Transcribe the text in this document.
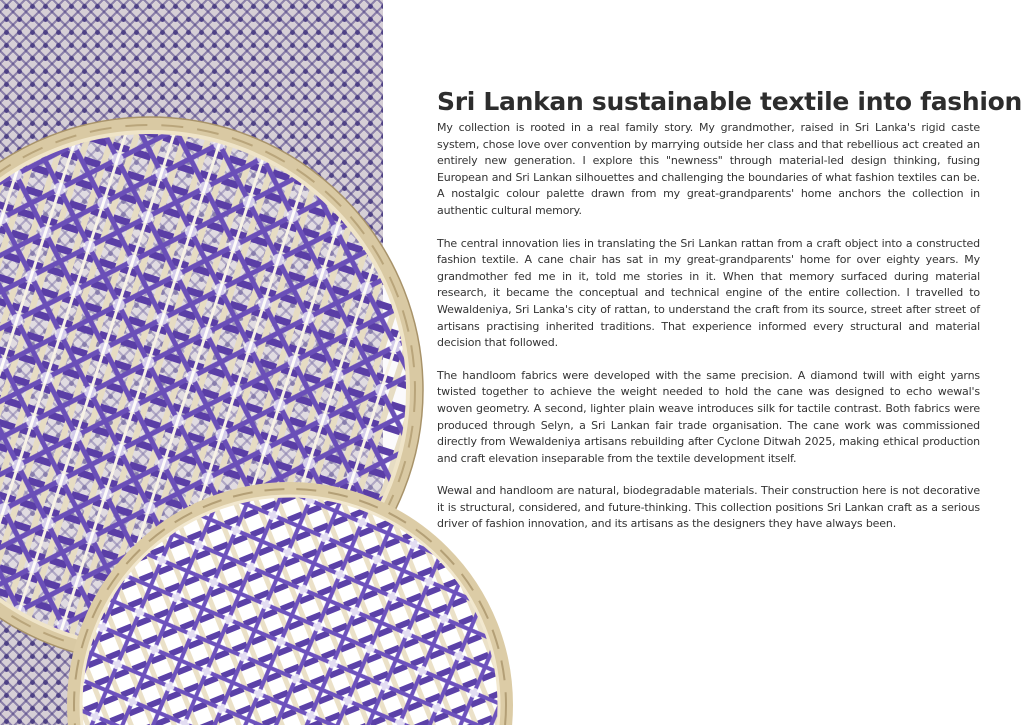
Sri Lankan sustainable textile into fashion

My collection is rooted in a real family story. My grandmother, raised in Sri Lanka's rigid caste system, chose love over convention by marrying outside her class and that rebellious act created an entirely new generation. I explore this "newness" through material-led design thinking, fusing European and Sri Lankan silhouettes and challenging the boundaries of what fashion textiles can be. A nostalgic colour palette drawn from my great-grandparents' home anchors the collection in authentic cultural memory.

The central innovation lies in translating the Sri Lankan rattan from a craft object into a constructed fashion textile. A cane chair has sat in my great-grandparents' home for over eighty years. My grandmother fed me in it, told me stories in it. When that memory surfaced during material research, it became the conceptual and technical engine of the entire collection. I travelled to Wewaldeniya, Sri Lanka's city of rattan, to understand the craft from its source, street after street of artisans practising inherited traditions. That experience informed every structural and material decision that followed.

The handloom fabrics were developed with the same precision. A diamond twill with eight yarns twisted together to achieve the weight needed to hold the cane was designed to echo wewal's woven geometry. A second, lighter plain weave introduces silk for tactile contrast. Both fabrics were produced through Selyn, a Sri Lankan fair trade organisation. The cane work was commissioned directly from Wewaldeniya artisans rebuilding after Cyclone Ditwah 2025, making ethical production and craft elevation inseparable from the textile development itself.

Wewal and handloom are natural, biodegradable materials. Their construction here is not decorative it is structural, considered, and future-thinking. This collection positions Sri Lankan craft as a serious driver of fashion innovation, and its artisans as the designers they have always been.
